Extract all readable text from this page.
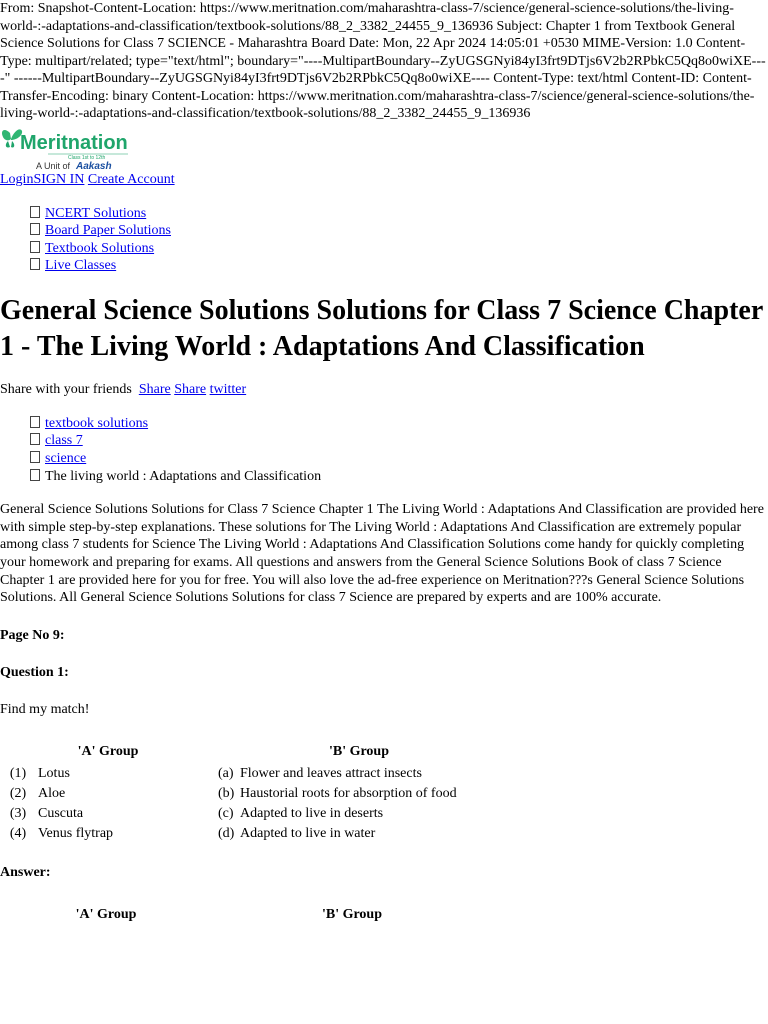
From: Snapshot-Content-Location: https://www.meritnation.com/maharashtra-class-7/science/general-science-solutions/the-living-world-:-adaptations-and-classification/textbook-solutions/88_2_3382_24455_9_136936 Subject: Chapter 1 from Textbook General Science Solutions for Class 7 SCIENCE - Maharashtra Board Date: Mon, 22 Apr 2024 14:05:01 +0530 MIME-Version: 1.0 Content-Type: multipart/related; type="text/html"; boundary="----MultipartBoundary--ZyUGSGNyi84yI3frt9DTjs6V2b2RPbkC5Qq8o0wiXE----" ------MultipartBoundary--ZyUGSGNyi84yI3frt9DTjs6V2b2RPbkC5Qq8o0wiXE---- Content-Type: text/html Content-ID: Content-Transfer-Encoding: binary Content-Location: https://www.meritnation.com/maharashtra-class-7/science/general-science-solutions/the-living-world-:-adaptations-and-classification/textbook-solutions/88_2_3382_24455_9_136936

Meritnation
Class 1st to 12th
A Unit of Aakash
LoginSIGN IN Create Account
NCERT Solutions
Board Paper Solutions
Textbook Solutions
Live Classes
General Science Solutions Solutions for Class 7 Science Chapter 1 - The Living World : Adaptations And Classification
Share with your friends Share Share twitter
textbook solutions
class 7
science
The living world : Adaptations and Classification

General Science Solutions Solutions for Class 7 Science Chapter 1 The Living World : Adaptations And Classification are provided here with simple step-by-step explanations. These solutions for The Living World : Adaptations And Classification are extremely popular among class 7 students for Science The Living World : Adaptations And Classification Solutions come handy for quickly completing your homework and preparing for exams. All questions and answers from the General Science Solutions Book of class 7 Science Chapter 1 are provided here for you for free. You will also love the ad-free experience on Meritnation???s General Science Solutions Solutions. All General Science Solutions Solutions for class 7 Science are prepared by experts and are 100% accurate.

Page No 9:
Question 1:
Find my match!
'A' Group		'B' Group	
(1)	Lotus	(a)	Flower and leaves attract insects
(2)	Aloe	(b)	Haustorial roots for absorption of food
(3)	Cuscuta	(c)	Adapted to live in deserts
(4)	Venus flytrap	(d)	Adapted to live in water
Answer:
'A' Group	'B' Group
